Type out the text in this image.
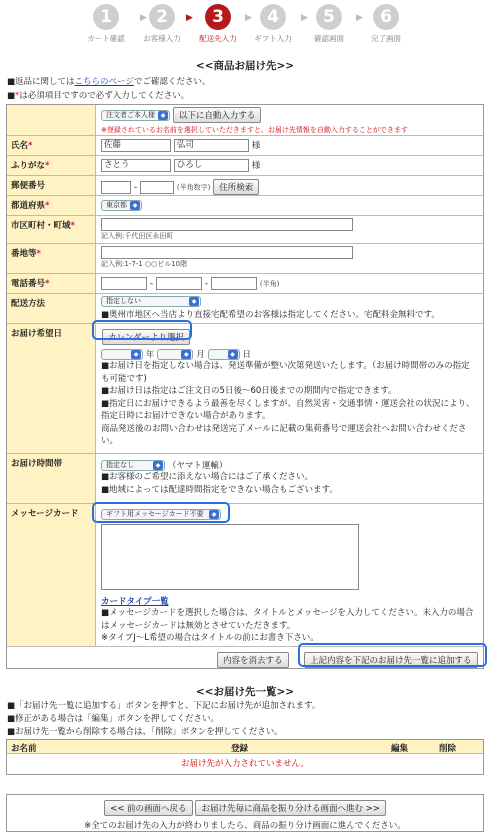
1
カート確認
▶ 2
お客様入力
▶	3
配送先入力
▶ 4
ギフト入力
▶ 5
確認画面
▶	6
完了画面
<<商品お届け先>>
■返品に関してはこちらのページでご確認ください。
■*は必須項目ですので必ず入力してください。
注文者ご本人様 ◆	以下に自動入力する
※登録されているお名前を選択していただきますと、お届け先情報を自動入力することができます
氏名*	佐藤	弘司	様
ふりがな*	さとう	ひろし	様
郵便番号	-	(半角数字) 住所検索
都道府県*	東京都 ◆
市区町村・町域*
記入例:千代田区永田町
番地等*
記入例:1-7-1 ○○ビル10階
電話番号*	-	-	(半角)
配送方法	指定しない ◆
■奥州市地区へ当店より直接宅配希望のお客様は指定してください。宅配料金無料です。
お届け希望日	カレンダーより選択
◆ 年 ◆	月 ◆	日
■お届け日を指定しない場合は、発送準備が整い次第発送いたします。（お届け時間帯のみの指定
も可能です)
■お届け日は指定はご注文日の5日後〜60日後までの期間内で指定できます。
■指定日にお届けできるよう最善を尽くしますが、自然災害・交通事情・運送会社の状況により、
指定日時にお届けできない場合があります。
商品発送後のお問い合わせは発送完了メールに記載の集荷番号で運送会社へお問い合わせくださ
い。
お届け時間帯	指定なし ◆	（ヤマト運輸）
■お客様のご希望に添えない場合にはご了承ください。
■地域によっては配達時間指定をできない場合もございます。
メッセージカード	ギフト用メッセージカード不要 ◆
カードタイプ一覧
■メッセージカードを選択した場合は、タイトルとメッセージを入力してください。未入力の場合
はメッセージカードは無効とさせていただきます。
※タイプJ〜L希望の場合はタイトルの前にお書き下さい。
内容を消去する	上記内容を下記のお届け先一覧に追加する
<<お届け先一覧>>
■「お届け先一覧に追加する」ボタンを押すと、下記にお届け先が追加されます。
■修正がある場合は「編集」ボタンを押してください。
■お届け先一覧から削除する場合は、「削除」ボタンを押してください。
お名前	登録	編集	削除
お届け先が入力されていません。
<< 前の画面へ戻る お届け先毎に商品を振り分ける画面へ進む >>
※全てのお届け先の入力が終わりましたら、商品の振り分け画面に進んでください。
